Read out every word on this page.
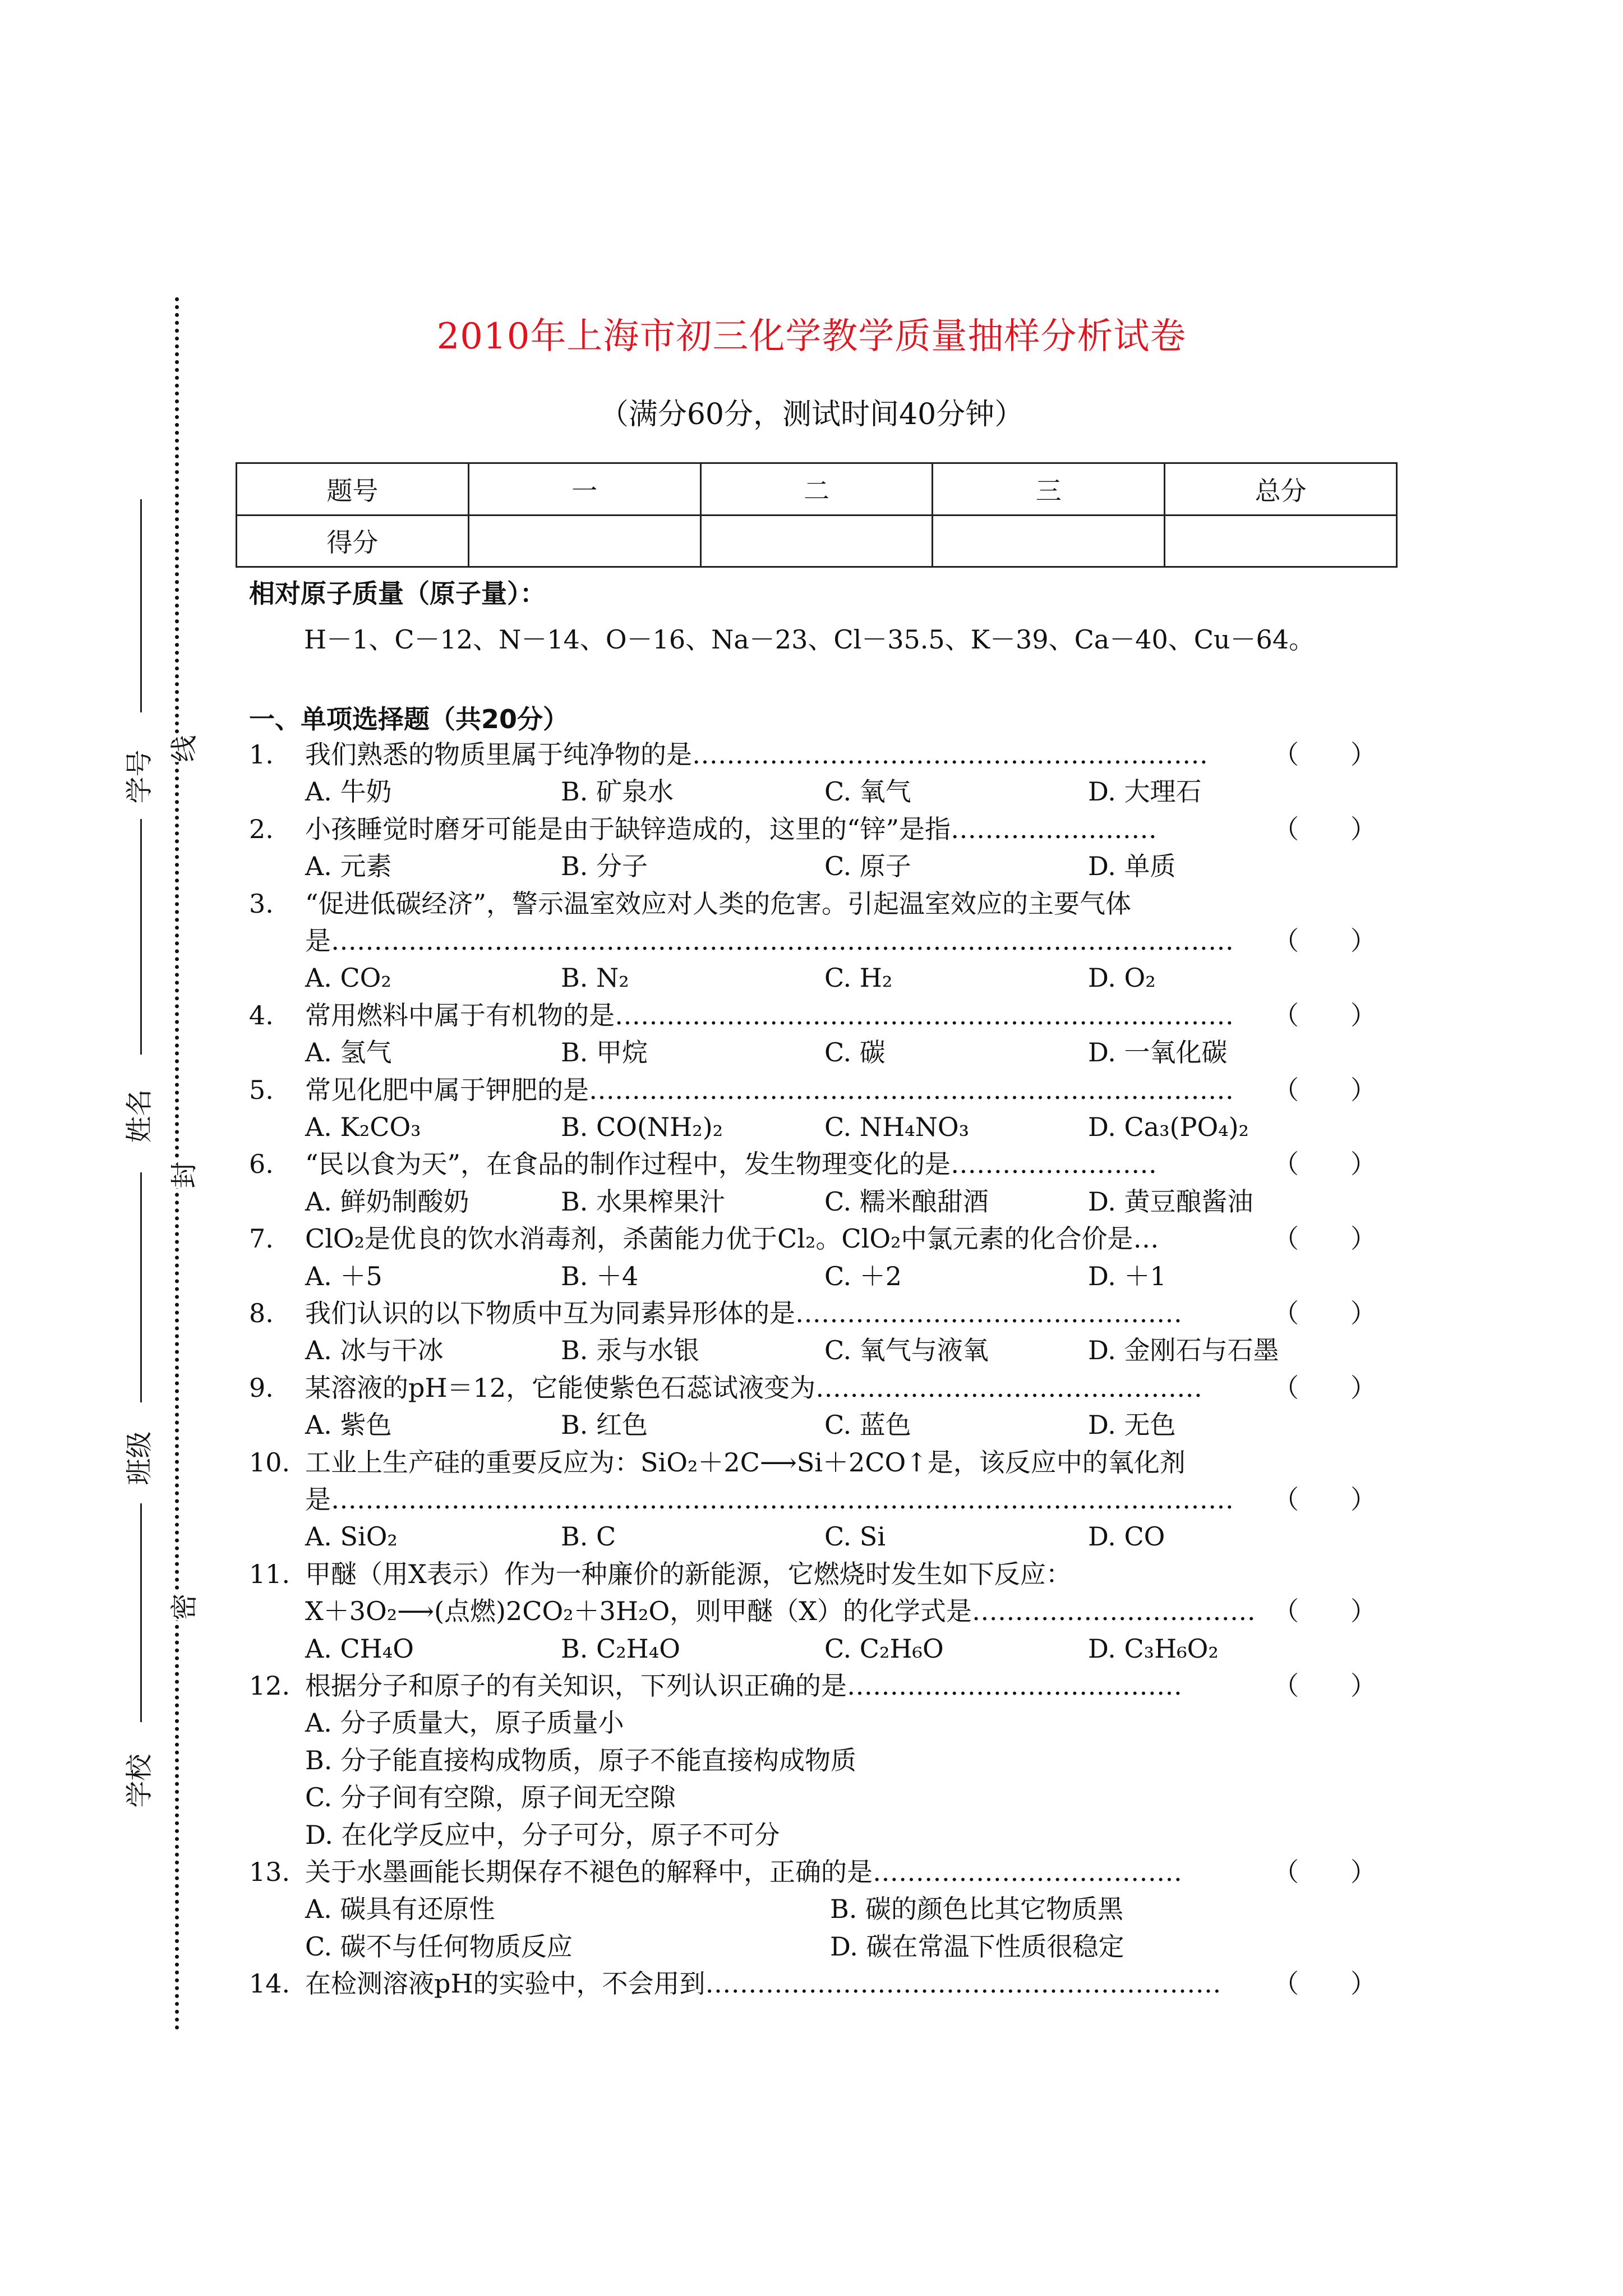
学号
姓名
班级
学校
线
封
密
2010年上海市初三化学教学质量抽样分析试卷
（满分60分，测试时间40分钟）
题号	一	二	三	总分
得分				
相对原子质量（原子量）：
H－1、C－12、N－14、O－16、Na－23、Cl－35.5、K－39、Ca－40、Cu－64。
一、单项选择题（共20分）
1. 我们熟悉的物质里属于纯净物的是……………………………………………………	（　　）
A. 牛奶	B. 矿泉水	C. 氧气	D. 大理石
2. 小孩睡觉时磨牙可能是由于缺锌造成的，这里的“锌”是指……………………	（　　）
A. 元素	B. 分子	C. 原子	D. 单质
3. “促进低碳经济”，警示温室效应对人类的危害。引起温室效应的主要气体
是……………………………………………………………………………………………	（　　）
A. CO₂	B. N₂	C. H₂	D. O₂
4. 常用燃料中属于有机物的是………………………………………………………………	（　　）
A. 氢气	B. 甲烷	C. 碳	D. 一氧化碳
5. 常见化肥中属于钾肥的是…………………………………………………………………	（　　）
A. K₂CO₃	B. CO(NH₂)₂	C. NH₄NO₃	D. Ca₃(PO₄)₂
6. “民以食为天”，在食品的制作过程中，发生物理变化的是……………………	（　　）
A. 鲜奶制酸奶	B. 水果榨果汁	C. 糯米酿甜酒	D. 黄豆酿酱油
7. ClO₂是优良的饮水消毒剂，杀菌能力优于Cl₂。ClO₂中氯元素的化合价是…	（　　）
A. ＋5	B. ＋4	C. ＋2	D. ＋1
8. 我们认识的以下物质中互为同素异形体的是………………………………………	（　　）
A. 冰与干冰	B. 汞与水银	C. 氧气与液氧	D. 金刚石与石墨
9. 某溶液的pH＝12，它能使紫色石蕊试液变为………………………………………	（　　）
A. 紫色	B. 红色	C. 蓝色	D. 无色
10. 工业上生产硅的重要反应为：SiO₂＋2C⟶Si＋2CO↑是，该反应中的氧化剂
是……………………………………………………………………………………………	（　　）
A. SiO₂	B. C	C. Si	D. CO
11. 甲醚（用X表示）作为一种廉价的新能源，它燃烧时发生如下反应：
X＋3O₂⟶(点燃)2CO₂＋3H₂O，则甲醚（X）的化学式是…………………………… （　　）
A. CH₄O	B. C₂H₄O	C. C₂H₆O	D. C₃H₆O₂
12. 根据分子和原子的有关知识，下列认识正确的是…………………………………	（　　）
A. 分子质量大，原子质量小
B. 分子能直接构成物质，原子不能直接构成物质
C. 分子间有空隙，原子间无空隙
D. 在化学反应中，分子可分，原子不可分
13. 关于水墨画能长期保存不褪色的解释中，正确的是………………………………	（　　）
A. 碳具有还原性	B. 碳的颜色比其它物质黑
C. 碳不与任何物质反应	D. 碳在常温下性质很稳定
14. 在检测溶液pH的实验中，不会用到……………………………………………………	（　　）
